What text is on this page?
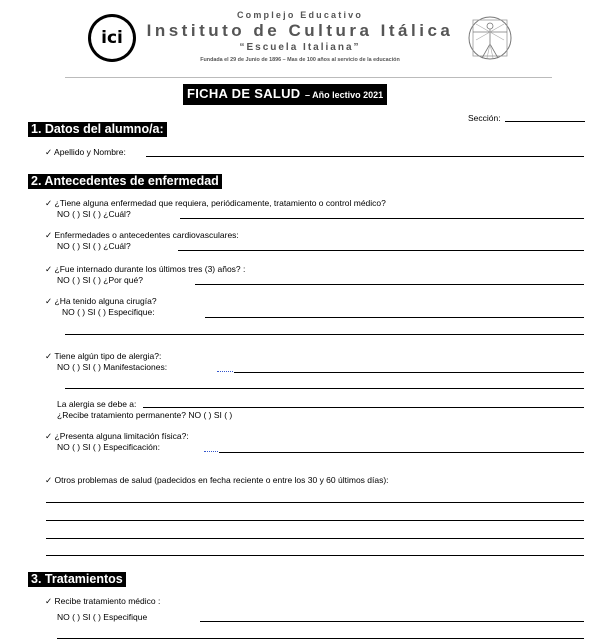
ici
Complejo Educativo
Instituto de Cultura Itálica
“Escuela Italiana”
Fundada el 29 de Junio de 1896 – Mas de 100 años al servicio de la educación
FICHA DE SALUD – Año lectivo 2021
Sección:
1. Datos del alumno/a:
✓ Apellido y Nombre:
2. Antecedentes de enfermedad
✓ ¿Tiene alguna enfermedad que requiera, periódicamente, tratamiento o control médico?
NO ( ) SI ( ) ¿Cuál?
✓ Enfermedades o antecedentes cardiovasculares:
NO ( ) SI ( ) ¿Cuál?
✓ ¿Fue internado durante los últimos tres (3) años? :
NO ( ) SI ( ) ¿Por qué?
✓ ¿Ha tenido alguna cirugía?
NO ( ) SI ( ) Especifique:
✓ Tiene algún tipo de alergia?:
NO ( ) SI ( ) Manifestaciones:
La alergia se debe a:
¿Recibe tratamiento permanente? NO ( ) SI ( )
✓ ¿Presenta alguna limitación física?:
NO ( ) SI ( ) Especificación:
✓ Otros problemas de salud (padecidos en fecha reciente o entre los 30 y 60 últimos días):
3. Tratamientos
✓ Recibe tratamiento médico :
NO ( ) SI ( ) Especifique
